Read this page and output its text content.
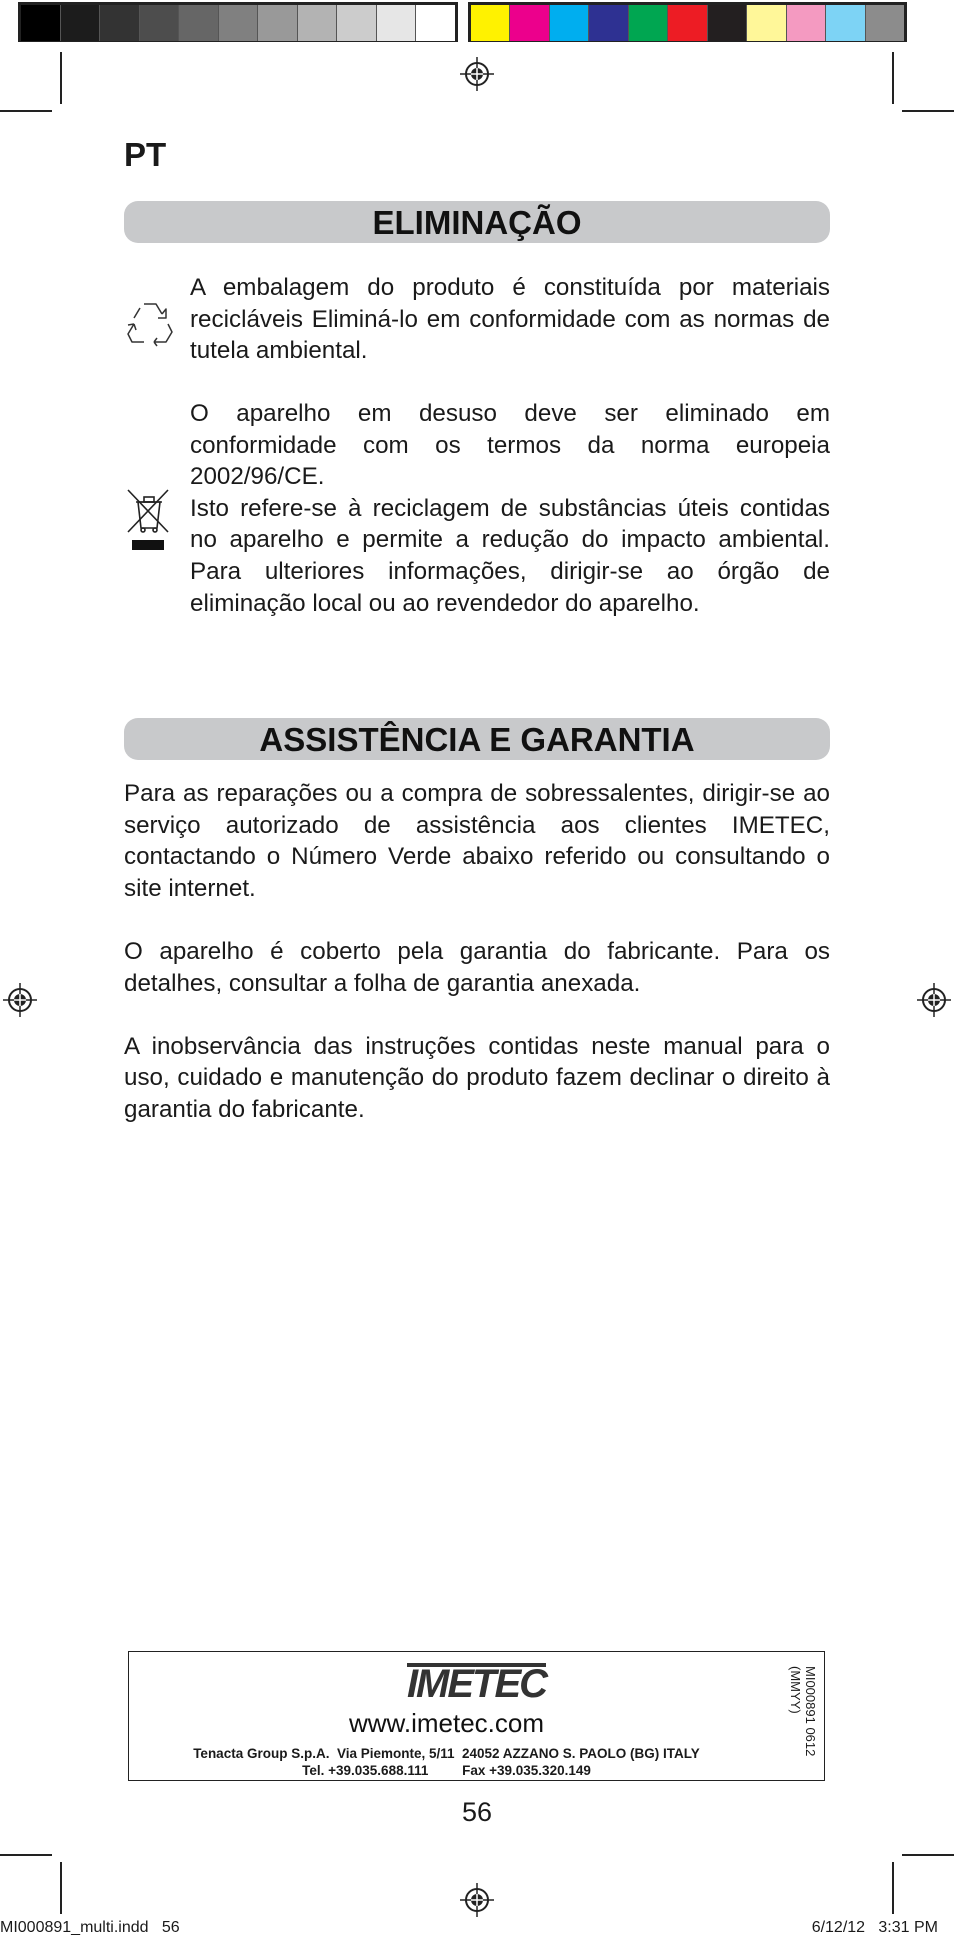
PT
ELIMINAÇÃO

A embalagem do produto é constituída por materiais recicláveis Eliminá-lo em conformidade com as normas de tutela ambiental.

O aparelho em desuso deve ser eliminado em conformidade com os termos da norma europeia 2002/96/CE.

Isto refere-se à reciclagem de substâncias úteis contidas no aparelho e permite a redução do impacto ambiental. Para ulteriores informações, dirigir-se ao órgão de eliminação local ou ao revendedor do aparelho.

ASSISTÊNCIA E GARANTIA

Para as reparações ou a compra de sobressalentes, dirigir-se ao serviço autorizado de assistência aos clientes IMETEC, contactando o Número Verde abaixo referido ou consultando o site internet.

O aparelho é coberto pela garantia do fabricante. Para os detalhes, consultar a folha de garantia anexada.

A inobservância das instruções contidas neste manual para o uso, cuidado e manutenção do produto fazem declinar o direito à garantia do fabricante.

IMETEC
www.imetec.com
Tenacta Group S.p.A.  Via Piemonte, 5/11  24052 AZZANO S. PAOLO (BG) ITALY
Tel. +39.035.688.111         Fax +39.035.320.149
MI000891 0612 (MMYY)
56
MI000891_multi.indd   56	6/12/12   3:31 PM
